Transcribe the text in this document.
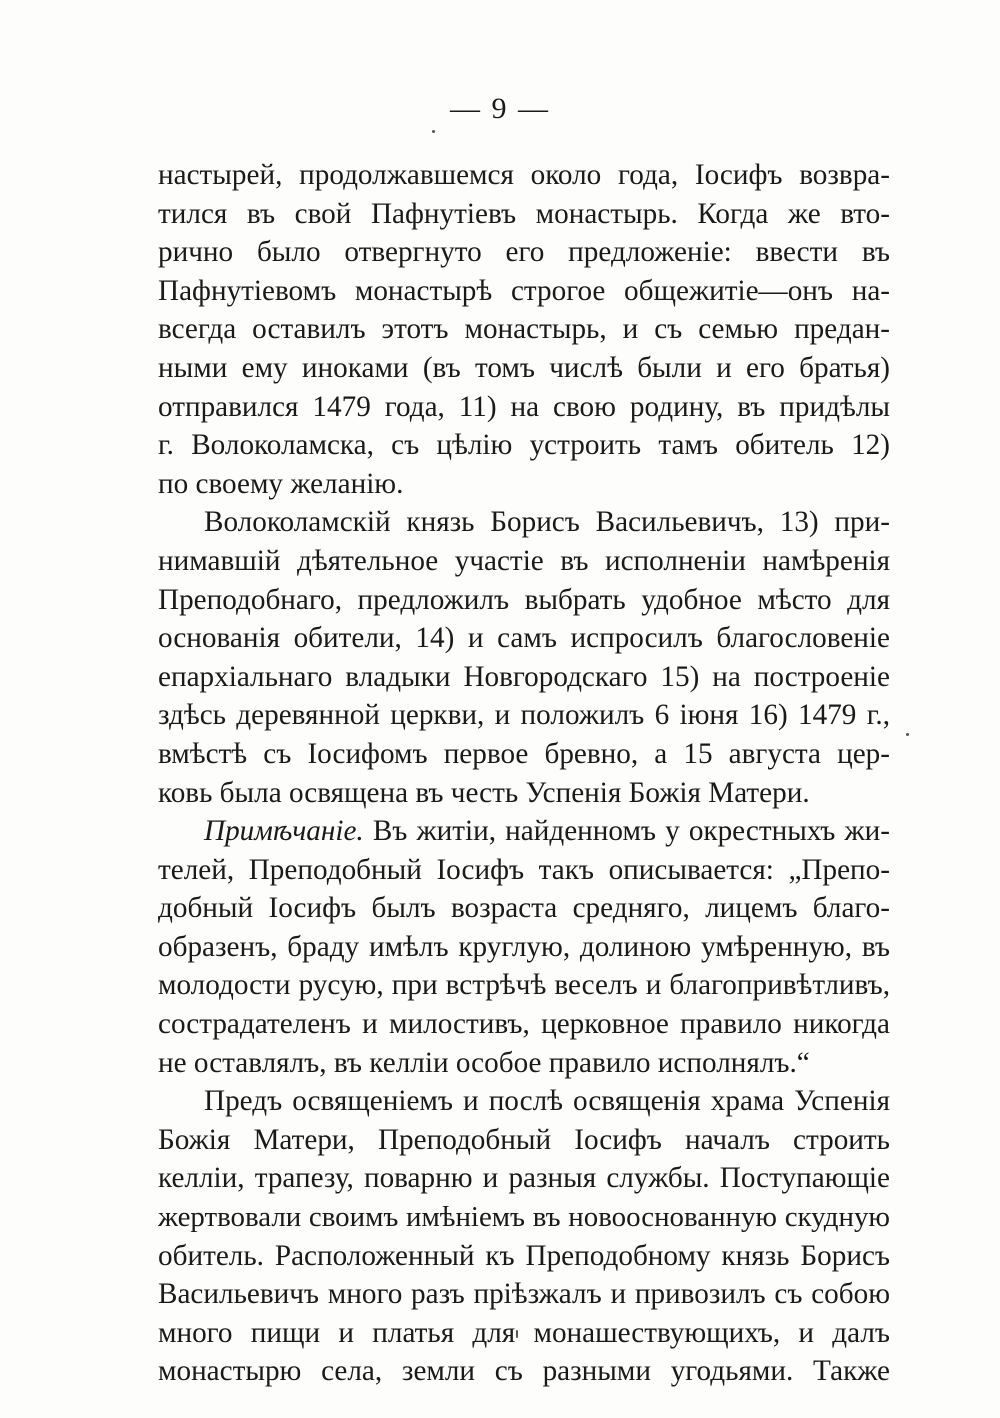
— 9 —
настырей, продолжавшемся около года, Іосифъ возвра-
тился въ свой Пафнутіевъ монастырь. Когда же вто-
рично было отвергнуто его предложеніе: ввести въ
Пафнутіевомъ монастырѣ строгое общежитіе—онъ на-
всегда оставилъ этотъ монастырь, и съ семью предан-
ными ему иноками (въ томъ числѣ были и его братья)
отправился 1479 года, 11) на свою родину, въ придѣлы
г. Волоколамска, съ цѣлію устроить тамъ обитель 12)
по своему желанію.
Волоколамскій князь Борисъ Васильевичъ, 13) при-
нимавшій дѣятельное участіе въ исполненіи намѣренія
Преподобнаго, предложилъ выбрать удобное мѣсто для
основанія обители, 14) и самъ испросилъ благословеніе
епархіальнаго владыки Новгородскаго 15) на построеніе
здѣсь деревянной церкви, и положилъ 6 іюня 16) 1479 г.,
вмѣстѣ съ Іосифомъ первое бревно, а 15 августа цер-
ковь была освящена въ честь Успенія Божія Матери.
Примѣчаніе. Въ житіи, найденномъ у окрестныхъ жи-
телей, Преподобный Іосифъ такъ описывается: „Препо-
добный Іосифъ былъ возраста средняго, лицемъ благо-
образенъ, браду имѣлъ круглую, долиною умѣренную, въ
молодости русую, при встрѣчѣ веселъ и благопривѣтливъ,
сострадателенъ и милостивъ, церковное правило никогда
не оставлялъ, въ келліи особое правило исполнялъ.“
Предъ освященіемъ и послѣ освященія храма Успенія
Божія Матери, Преподобный Іосифъ началъ строить
келліи, трапезу, поварню и разныя службы. Поступающіе
жертвовали своимъ имѣніемъ въ новооснованную скудную
обитель. Расположенный къ Преподобному князь Борисъ
Васильевичъ много разъ пріѣзжалъ и привозилъ съ собою
много пищи и платья для монашествующихъ, и далъ
монастырю села, земли съ разными угодьями. Также
